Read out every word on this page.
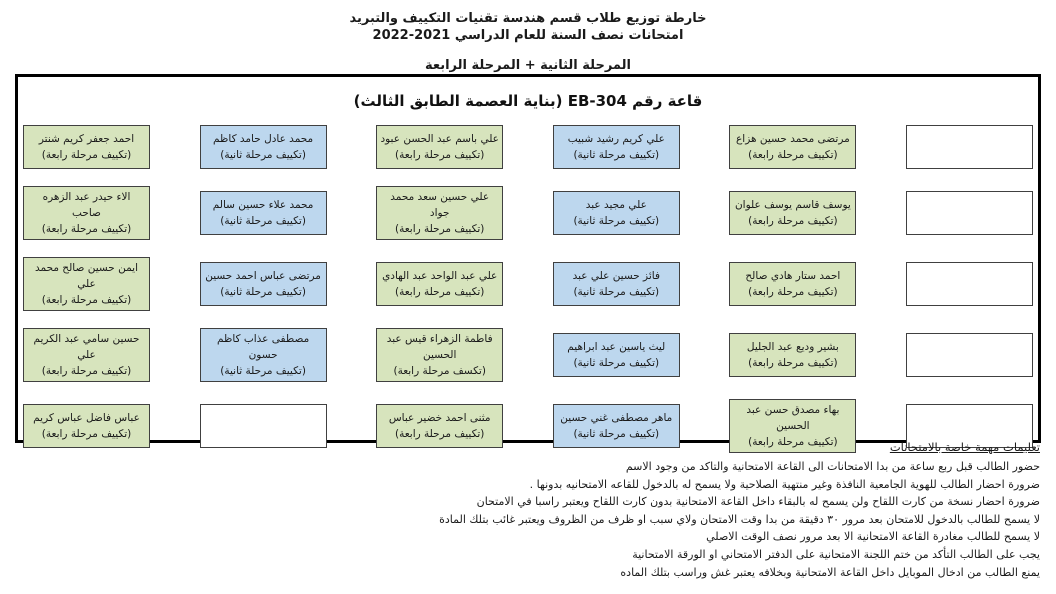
خارطة توزيع طلاب قسم هندسة تقنيات التكييف والتبريد
امتحانات نصف السنة للعام الدراسي 2021-2022
المرحلة الثانية + المرحلة الرابعة
قاعة رقم EB-304 (بناية العصمة الطابق الثالث)
احمد جعفر كريم شنتر
(تكييف مرحلة رابعة)
محمد عادل حامد كاظم
(تكييف مرحلة ثانية)
علي باسم عبد الحسن عبود
(تكييف مرحلة رابعة)
علي كريم رشيد شبيب
(تكييف مرحلة ثانية)
مرتضى محمد حسين هزاع
(تكييف مرحلة رابعة)
الاء حيدر عبد الزهره صاحب
(تكييف مرحلة رابعة)
محمد علاء حسين سالم
(تكييف مرحلة ثانية)
علي حسين سعد محمد جواد
(تكييف مرحلة رابعة)
علي مجيد عبد
(تكييف مرحلة ثانية)
يوسف قاسم يوسف علوان
(تكييف مرحلة رابعة)
ايمن حسين صالح محمد علي
(تكييف مرحلة رابعة)
مرتضى عباس احمد حسين
(تكييف مرحلة ثانية)
علي عبد الواحد عبد الهادي
(تكييف مرحلة رابعة)
فائز حسين علي عبد
(تكييف مرحلة ثانية)
احمد ستار هادي صالح
(تكييف مرحلة رابعة)
حسين سامي عبد الكريم علي
(تكييف مرحلة رابعة)
مصطفى عذاب كاظم حسون
(تكييف مرحلة ثانية)
فاطمة الزهراء قيس عبد الحسين
(تكسف مرحلة رابعة)
ليث ياسين عبد ابراهيم
(تكييف مرحلة ثانية)
بشير وديع عبد الجليل
(تكييف مرحلة رابعة)
عباس فاضل عباس كريم
(تكييف مرحلة رابعة)
مثنى احمد خضير عباس
(تكييف مرحلة رابعة)
ماهر مصطفى غني حسين
(تكييف مرحلة ثانية)
بهاء مصدق حسن عبد الحسين
(تكييف مرحلة رابعة)	تعليمات مهمة خاصة بالامتحانات
حضور الطالب قبل ربع ساعة من بدا الامتحانات الى القاعة الامتحانية والتاكد من وجود الاسم
ضرورة احضار الطالب للهوية الجامعية النافذة وغير منتهية الصلاحية ولا يسمح له بالدخول للقاعه الامتحانيه بدونها .
ضرورة احضار نسخة من كارت اللقاح ولن يسمح له بالبقاء داخل القاعة الامتحانية بدون كارت اللقاح ويعتبر راسبا في الامتحان
لا يسمح للطالب بالدخول للامتحان بعد مرور ٣٠ دقيقة من بدا وقت الامتحان ولاي سبب او ظرف من الظروف ويعتبر غائب بتلك المادة
لا يسمح للطالب مغادرة القاعة الامتحانية الا بعد مرور نصف الوقت الاصلي
يجب على الطالب التأكد من ختم اللجنة الامتحانية على الدفتر الامتحاني او الورقة الامتحانية
يمنع الطالب من ادخال الموبايل داخل القاعة الامتحانية وبخلافه يعتبر غش وراسب بتلك الماده
